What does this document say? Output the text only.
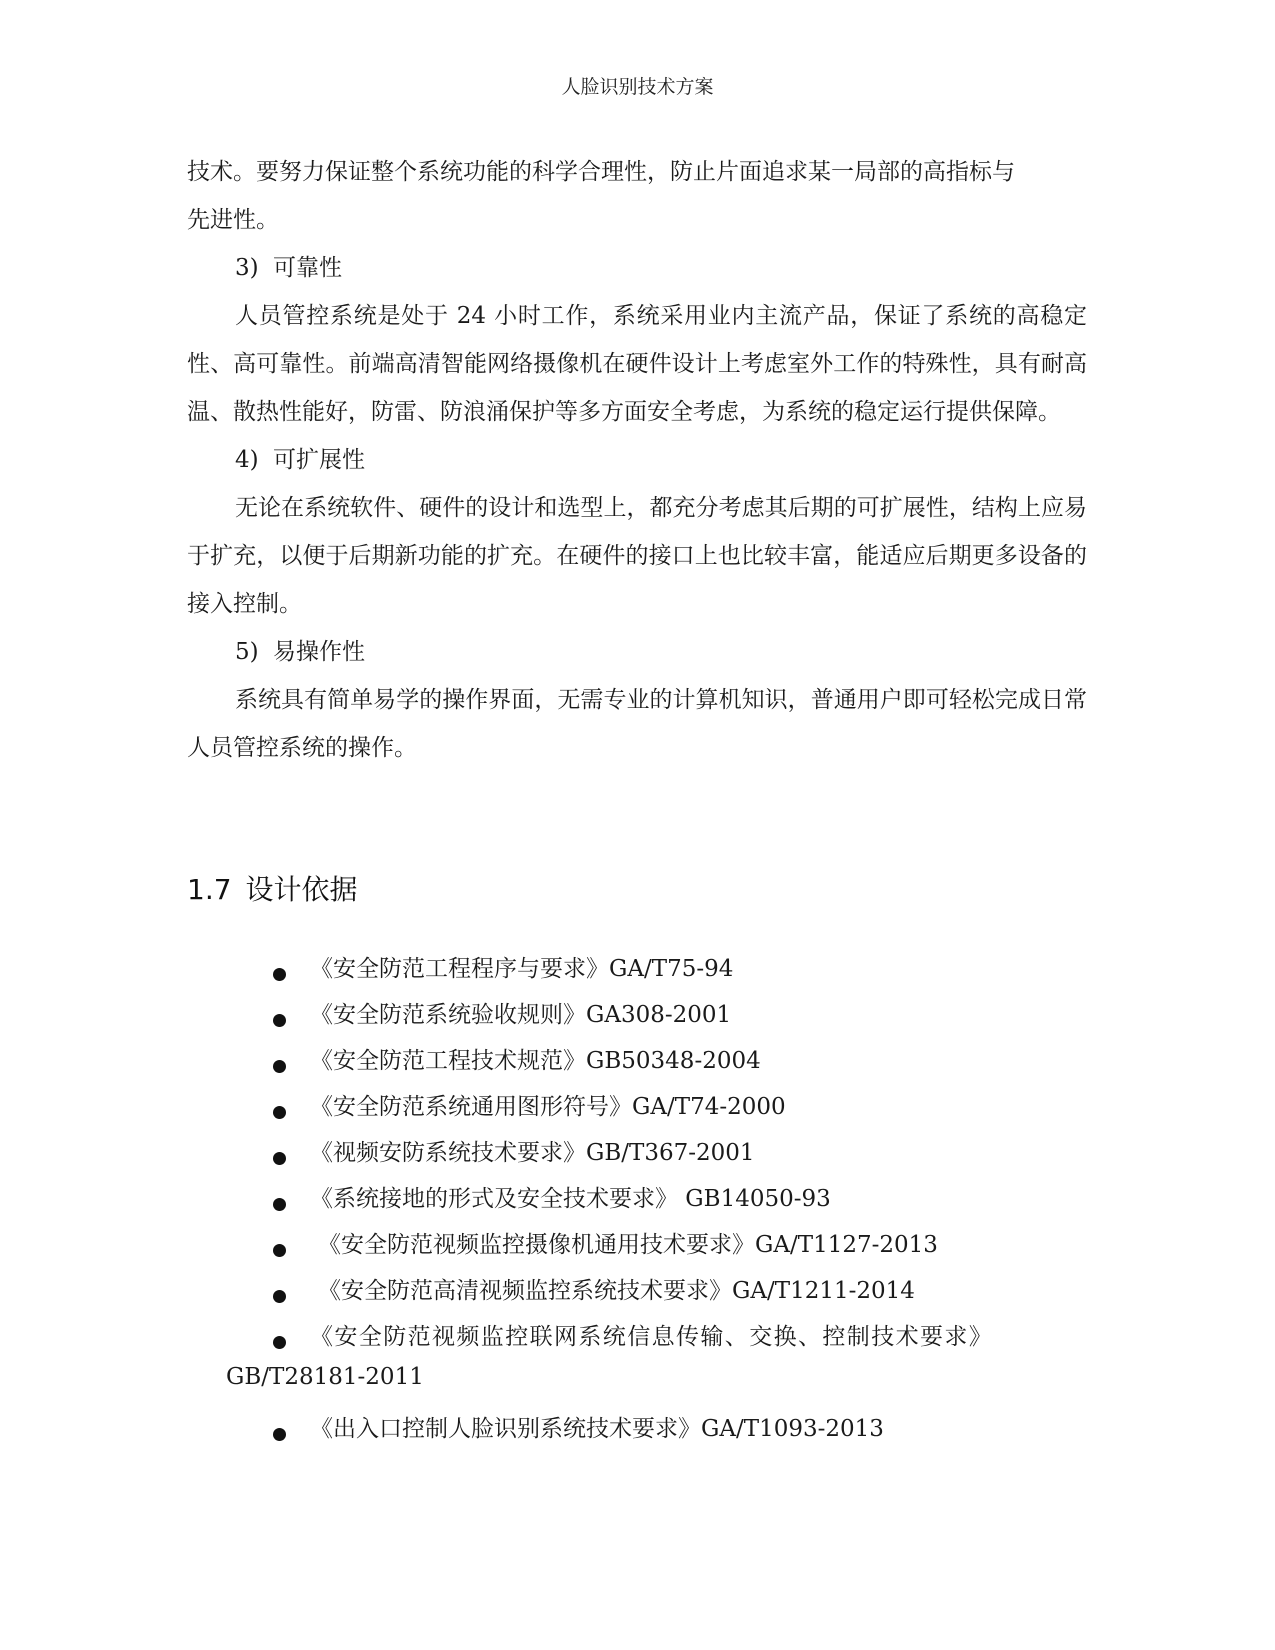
人脸识别技术方案

技术。要努力保证整个系统功能的科学合理性，防止片面追求某一局部的高指标与

先进性。

3) 可靠性

人员管控系统是处于 24 小时工作，系统采用业内主流产品，保证了系统的高稳定性、高可靠性。前端高清智能网络摄像机在硬件设计上考虑室外工作的特殊性，具有耐高温、散热性能好，防雷、防浪涌保护等多方面安全考虑，为系统的稳定运行提供保障。

4) 可扩展性

无论在系统软件、硬件的设计和选型上，都充分考虑其后期的可扩展性，结构上应易于扩充，以便于后期新功能的扩充。在硬件的接口上也比较丰富，能适应后期更多设备的接入控制。

5) 易操作性

系统具有简单易学的操作界面，无需专业的计算机知识，普通用户即可轻松完成日常人员管控系统的操作。

1.7 设计依据
《安全防范工程程序与要求》GA/T75-94
《安全防范系统验收规则》GA308-2001
《安全防范工程技术规范》GB50348-2004
《安全防范系统通用图形符号》GA/T74-2000
《视频安防系统技术要求》GB/T367-2001
《系统接地的形式及安全技术要求》 GB14050-93
《安全防范视频监控摄像机通用技术要求》GA/T1127-2013
《安全防范高清视频监控系统技术要求》GA/T1211-2014
《安全防范视频监控联网系统信息传输、交换、控制技术要求》
GB/T28181-2011
《出入口控制人脸识别系统技术要求》GA/T1093-2013
